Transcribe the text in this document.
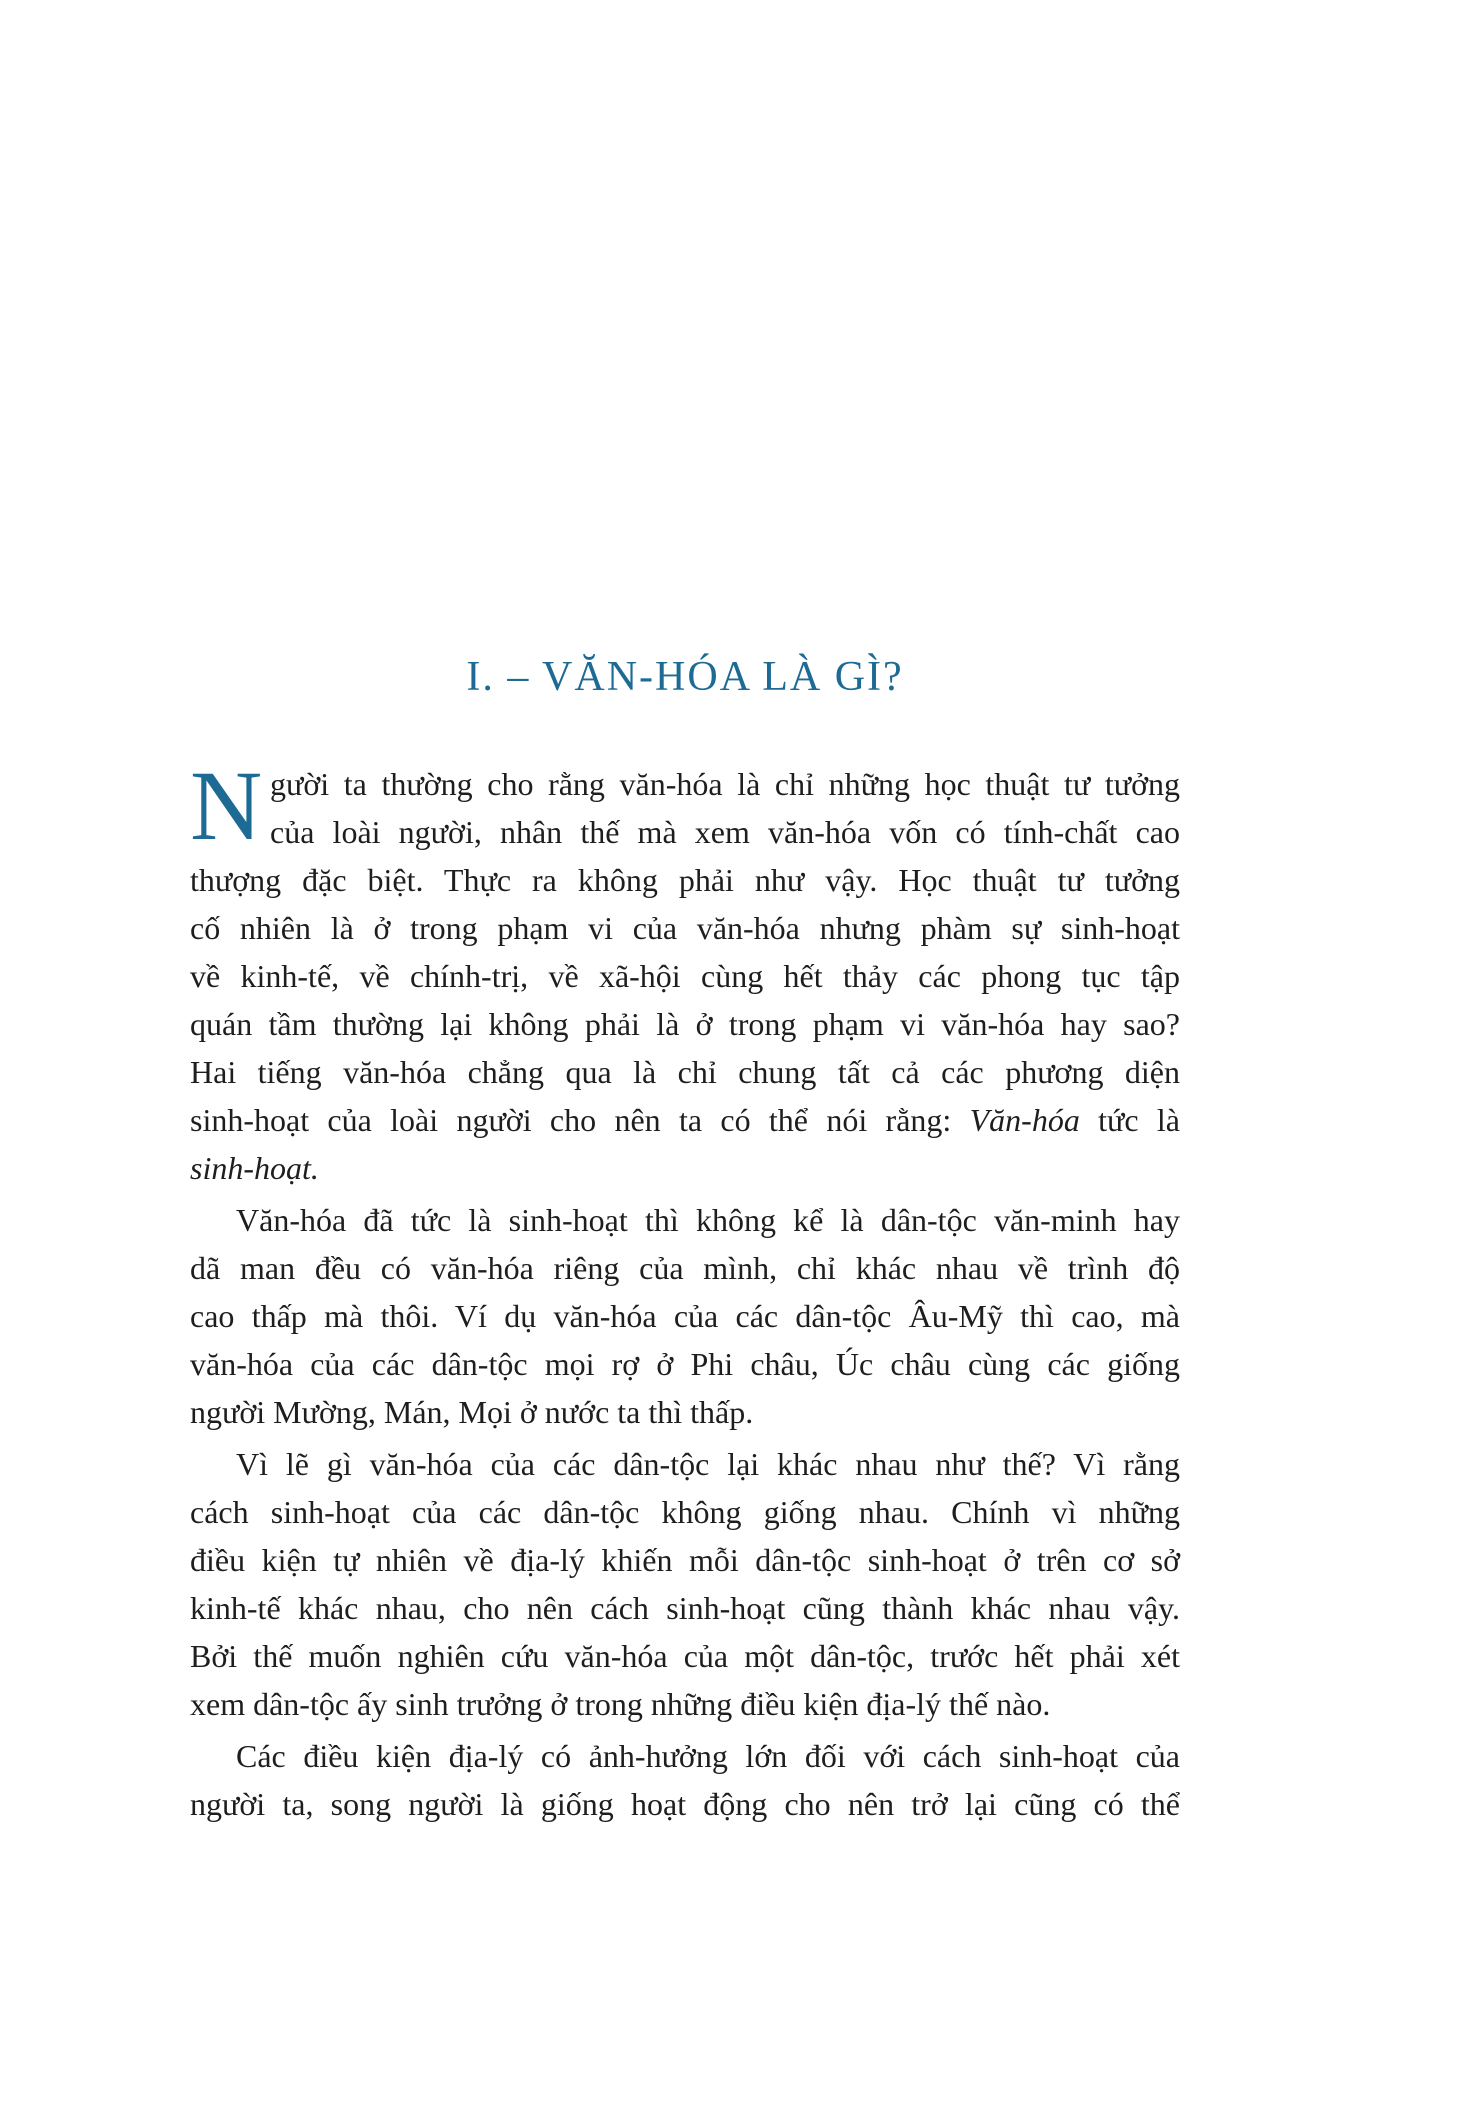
I. – VĂN-HÓA LÀ GÌ?
N gười ta thường cho rằng văn-hóa là chỉ những học thuật tư tưởng
của loài người, nhân thế mà xem văn-hóa vốn có tính-chất cao
thượng đặc biệt. Thực ra không phải như vậy. Học thuật tư tưởng
cố nhiên là ở trong phạm vi của văn-hóa nhưng phàm sự sinh-hoạt
về kinh-tế, về chính-trị, về xã-hội cùng hết thảy các phong tục tập
quán tầm thường lại không phải là ở trong phạm vi văn-hóa hay sao?
Hai tiếng văn-hóa chẳng qua là chỉ chung tất cả các phương diện
sinh-hoạt của loài người cho nên ta có thể nói rằng: Văn-hóa tức là
sinh-hoạt.
Văn-hóa đã tức là sinh-hoạt thì không kể là dân-tộc văn-minh hay
dã man đều có văn-hóa riêng của mình, chỉ khác nhau về trình độ
cao thấp mà thôi. Ví dụ văn-hóa của các dân-tộc Âu-Mỹ thì cao, mà
văn-hóa của các dân-tộc mọi rợ ở Phi châu, Úc châu cùng các giống
người Mường, Mán, Mọi ở nước ta thì thấp.
Vì lẽ gì văn-hóa của các dân-tộc lại khác nhau như thế? Vì rằng
cách sinh-hoạt của các dân-tộc không giống nhau. Chính vì những
điều kiện tự nhiên về địa-lý khiến mỗi dân-tộc sinh-hoạt ở trên cơ sở
kinh-tế khác nhau, cho nên cách sinh-hoạt cũng thành khác nhau vậy.
Bởi thế muốn nghiên cứu văn-hóa của một dân-tộc, trước hết phải xét
xem dân-tộc ấy sinh trưởng ở trong những điều kiện địa-lý thế nào.
Các điều kiện địa-lý có ảnh-hưởng lớn đối với cách sinh-hoạt của
người ta, song người là giống hoạt động cho nên trở lại cũng có thể
